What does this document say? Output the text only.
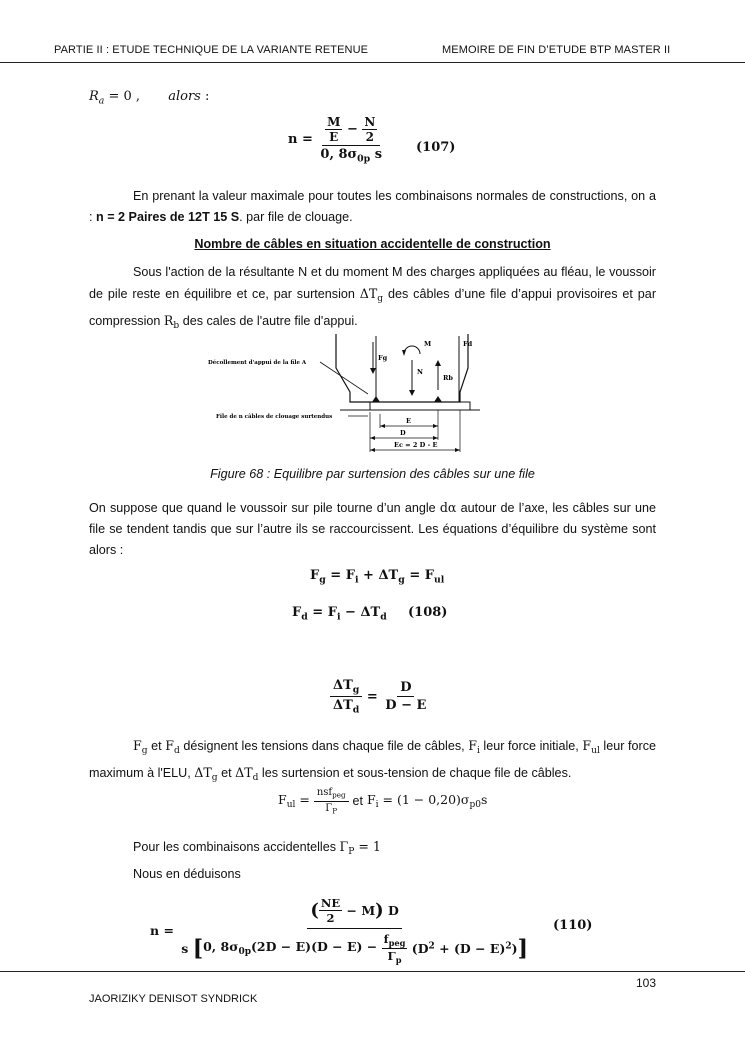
PARTIE II : ETUDE TECHNIQUE DE LA VARIANTE RETENUE	MEMOIRE DE FIN D’ETUDE BTP MASTER II
$R_a = 0$ , alors :
$n = \frac{\frac{M}{E} - \frac{N}{2}}{0, 8\sigma_{0p} s} (107)$
En prenant la valeur maximale pour toutes les combinaisons normales de constructions, on a : n = 2 Paires de 12T 15 S. par file de clouage.
Nombre de câbles en situation accidentelle de construction
Sous l'action de la résultante N et du moment M des charges appliquées au fléau, le voussoir de pile reste en équilibre et ce, par surtension $\Delta T_g$ des câbles d’une file d’appui provisoires et par compression $R_b$ des cales de l'autre file d'appui.
Fg
Fd
M
N
Rb
Décollement d'appui de la file A
File de n câbles de clouage surtendus	E
D
Ec = 2 D - E
Figure 68 : Equilibre par surtension des câbles sur une file
On suppose que quand le voussoir sur pile tourne d’un angle dα autour de l’axe, les câbles sur une file se tendent tandis que sur l’autre ils se raccourcissent. Les équations d’équilibre du système sont alors :
$F_g = F_i + \Delta T_g = F_{ul}$
$F_d = F_i - \Delta T_d$ (108)
$\frac{\Delta T_g}{\Delta T_d} = \frac{D}{D - E}$
$F_g$ et $F_d$ désignent les tensions dans chaque file de câbles, $F_i$ leur force initiale, $F_{ul}$ leur force maximum à l'ELU, $\Delta T_g$ et $\Delta T_d$ les surtension et sous-tension de chaque file de câbles.
$F_{ul} = \frac{nsf_{peg}}{\Gamma_P}$ et $F_i = (1 - 0,20)\sigma_{p0}s$
Pour les combinaisons accidentelles $\Gamma_P = 1$
Nous en déduisons
n =
( $\frac{NE}{2} - M$) D
s [0, $8\sigma_{0p}(2D - E)(D - E) - \frac{f_{peg}}{\Gamma_p} (D^2 + (D - E)^2)$]
(110)
103
JAORIZIKY DENISOT SYNDRICK
